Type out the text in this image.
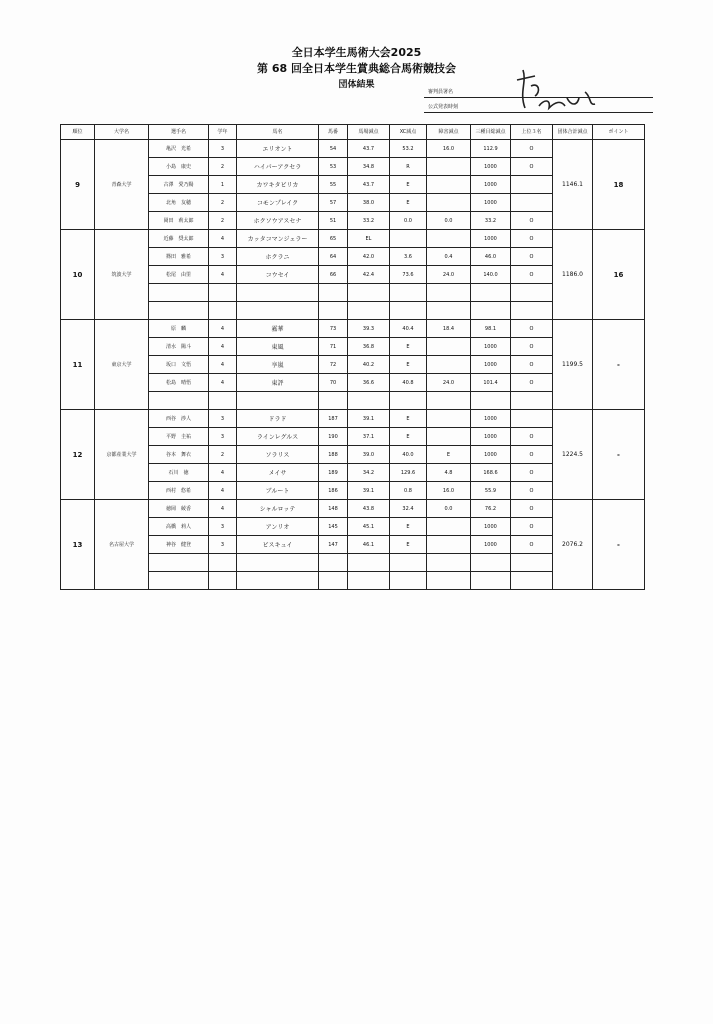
全日本学生馬術大会2025
第 68 回全日本学生賞典総合馬術競技会
団体結果
審判員署名
公式発表時刻
順位	大学名	選手名	学年	馬名	馬番	馬場減点	XC減点	障害減点	三種目総減点	上位３名	団体合計減点	ポイント
9	青森大学	亀沢　光希	3	エリオント	54	43.7	53.2	16.0	112.9	O	1146.1	18
		小島　康史	2	ハイパーアクセラ	53	34.8	R		1000	O		
		古澤　愛乃陽	1	カワキタビリカ	55	43.7	E		1000			
		北角　友穂	2	コモンプレイク	57	38.0	E		1000			
		岡田　莉太郎	2	ホクソウアスセナ	51	33.2	0.0	0.0	33.2	O		
10	筑波大学	近藤　奨太郎	4	カッタコマンジェラー	65	EL			1000	O	1186.0	16
		篠田　雅希	3	ホクラニ	64	42.0	3.6	0.4	46.0	O		
		松尾　由里	4	コウセイ	66	42.4	73.6	24.0	140.0	O		

11	東京大学	原　麟	4	霧華	73	39.3	40.4	18.4	98.1	O	1199.5	-
		清水　陽斗	4	東風	71	36.8	E		1000	O		
		坂口　文悟	4	享嵐	72	40.2	E		1000	O		
		松島　晴悟	4	東評	70	36.6	40.8	24.0	101.4	O		

12	京都産業大学	西谷　渉人	3	ドラド	187	39.1	E		1000		1224.5	-
		平野　圭祐	3	ラインレグルス	190	37.1	E		1000	O		
		谷本　舞衣	2	ソラリス	188	39.0	40.0	E	1000	O		
		石川　徳	4	メイサ	189	34.2	129.6	4.8	168.6	O		
		西村　悠希	4	ブルート	186	39.1	0.8	16.0	55.9	O		
13	名古屋大学	徳岡　綾香	4	シャルロッテ	148	43.8	32.4	0.0	76.2	O	2076.2	-
		高橋　莉人	3	アンリオ	145	45.1	E		1000	O		
		神谷　健登	3	ビスキュイ	147	46.1	E		1000	O		
